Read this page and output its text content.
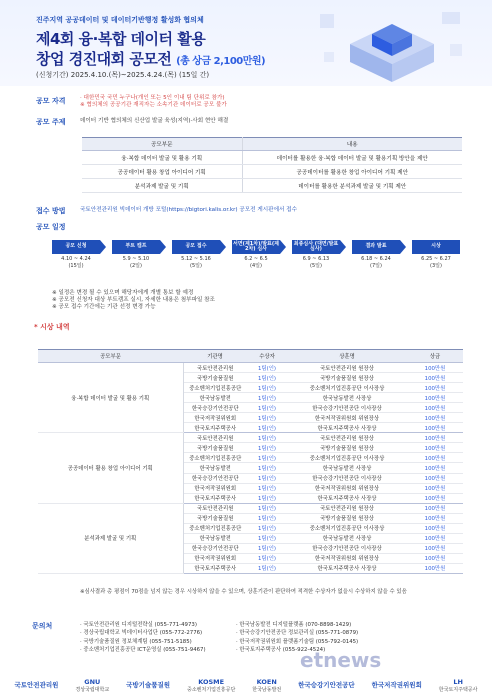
진주지역 공공데이터 및 데이터기반행정 활성화 협의체
제4회 융·복합 데이터 활용
창업 경진대회 공모전 (총 상금 2,100만원)
(신청기간) 2025.4.10.(목)~2025.4.24.(목) (15일 간)
공모 자격	· 대한민국 국민 누구나(개인 또는 5인 이내 팀 단위로 참가)
※ 협의체의 공공기관 재직자는 소속기관 데이터로 공모 불가
공모 주제	데이터 기반 협의체의 신산업 발굴 육성(지역)·사회 현안 해결
공모부문	내용
융·복합 데이터 발굴 및 활용 기획	데이터를 활용한 융·복합 데이터 발굴 및 활용기획 방안을 제안
공공데이터 활용 창업 아이디어 기획	공공데이터를 활용한 창업 아이디어 기획 제안
분석과제 발굴 및 기획	데이터를 활용한 분석과제 발굴 및 기획 제안
접수 방법	국토안전관리원 빅데이터 개방 포털(https://bigtori.kalis.or.kr) 공모전 게시판에서 접수
공모 일정
공모 신청	부트 캠프	공모 접수	서면(제1차)/발표(제2차) 심사
최종심사 (대면/발표 심사)	결과 발표	시상
4.10 ~ 4.24
(15일)
5.9 ~ 5.10
(2일)
5.12 ~ 5.16
(5일)
6.2 ~ 6.5
(4일)
6.9 ~ 6.13
(5일)
6.18 ~ 6.24
(7일)
6.25 ~ 6.27
(3일)
※ 일정은 변경 될 수 있으며 해당자에게 개별 통보 할 예정
※ 공모전 신청자 대상 부트캠프 실시, 자세한 내용은 첨부파일 참조
※ 공모 접수 기간에는 기관 선정 변경 가능
* 시상 내역
공모부문	기관명	수상자	상훈명	상금
융·복합 데이터 발굴 및 활용 기획	국토안전관리원	1팀(인)	국토안전관리원 원장상	100만원
	국방기술품질원	1팀(인)	국방기술품질원 원장상	100만원
	중소벤처기업진흥공단	1팀(인)	중소벤처기업진흥공단 이사장상	100만원
	한국남동발전	1팀(인)	한국남동발전 사장상	100만원
	한국승강기안전공단	1팀(인)	한국승강기안전공단 이사장상	100만원
	한국저작권위원회	1팀(인)	한국저작권위원회 위원장상	100만원
	한국토지주택공사	1팀(인)	한국토지주택공사 사장상	100만원
공공데이터 활용 창업 아이디어 기획	국토안전관리원	1팀(인)	국토안전관리원 원장상	100만원
	국방기술품질원	1팀(인)	국방기술품질원 원장상	100만원
	중소벤처기업진흥공단	1팀(인)	중소벤처기업진흥공단 이사장상	100만원
	한국남동발전	1팀(인)	한국남동발전 사장상	100만원
	한국승강기안전공단	1팀(인)	한국승강기안전공단 이사장상	100만원
	한국저작권위원회	1팀(인)	한국저작권위원회 위원장상	100만원
	한국토지주택공사	1팀(인)	한국토지주택공사 사장상	100만원
분석과제 발굴 및 기획	국토안전관리원	1팀(인)	국토안전관리원 원장상	100만원
	국방기술품질원	1팀(인)	국방기술품질원 원장상	100만원
	중소벤처기업진흥공단	1팀(인)	중소벤처기업진흥공단 이사장상	100만원
	한국남동발전	1팀(인)	한국남동발전 사장상	100만원
	한국승강기안전공단	1팀(인)	한국승강기안전공단 이사장상	100만원
	한국저작권위원회	1팀(인)	한국저작권위원회 위원장상	100만원
	한국토지주택공사	1팀(인)	한국토지주택공사 사장상	100만원
※심사결과 총 평점이 70점을 넘지 않는 경우 시상하지 않을 수 있으며, 상훈기관이 판단하여 적격한 수상자가 없을시 수상하지 않을 수 있음
문의처	· 국토안전관리원 디지털전략실 (055-771-4973)
· 경상국립대학교 빅데이터사업단 (055-772-2776)
· 국방기술품질원 정보체계팀 (055-751-5185)
· 중소벤처기업진흥공단 ICT운영실 (055-751-9467)
· 한국남동발전 디지털플랫폼 (070-8898-1429)
· 한국승강기안전공단 정보관리실 (055-771-0879)
· 한국저작권위원회 플랫폼기술팀 (055-792-0145)
· 한국토지주택공사 (055-922-4524)
etnews
국토안전관리원	GNU
경상국립대학교
국방기술품질원	KOSME
중소벤처기업진흥공단
KOEN
한국남동발전
한국승강기안전공단	한국저작권위원회	LH
한국토지주택공사
